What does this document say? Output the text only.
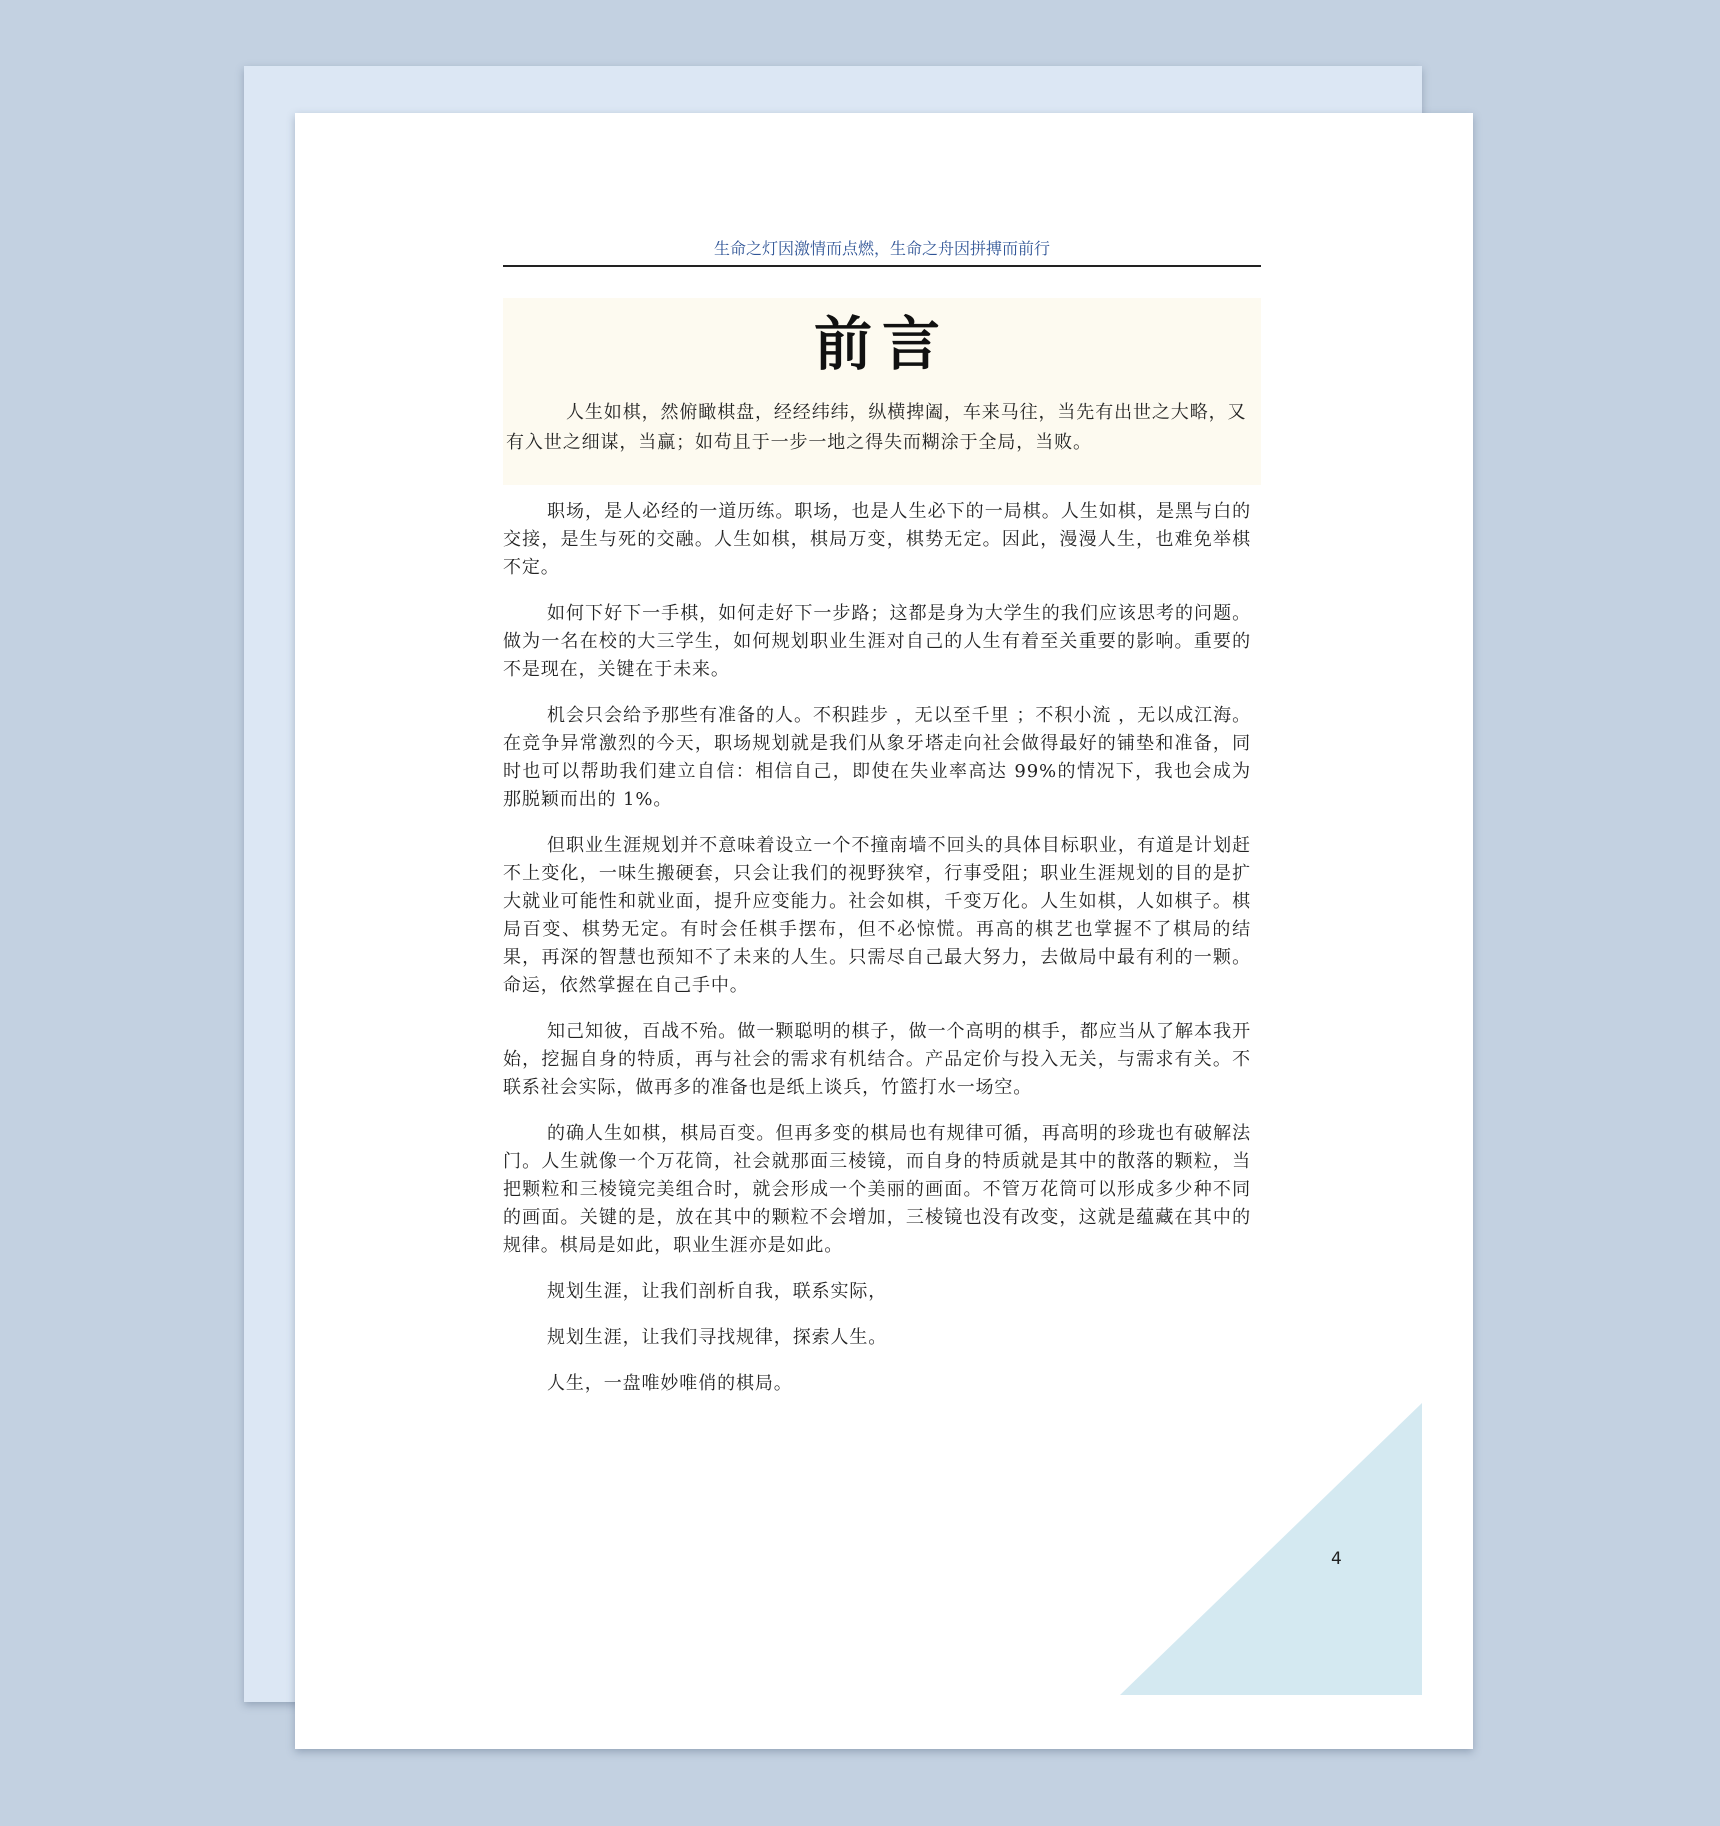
生命之灯因激情而点燃，生命之舟因拼搏而前行
前言

人生如棋，然俯瞰棋盘，经经纬纬，纵横捭阖，车来马往，当先有出世之大略，又有入世之细谋，当赢；如苟且于一步一地之得失而糊涂于全局，当败。

职场，是人必经的一道历练。职场，也是人生必下的一局棋。人生如棋，是黑与白的交接，是生与死的交融。人生如棋，棋局万变，棋势无定。因此，漫漫人生，也难免举棋不定。

如何下好下一手棋，如何走好下一步路；这都是身为大学生的我们应该思考的问题。做为一名在校的大三学生，如何规划职业生涯对自己的人生有着至关重要的影响。重要的不是现在，关键在于未来。

机会只会给予那些有准备的人。不积跬步 ，无以至千里 ；不积小流 ，无以成江海。在竞争异常激烈的今天，职场规划就是我们从象牙塔走向社会做得最好的铺垫和准备，同时也可以帮助我们建立自信：相信自己，即使在失业率高达 99%的情况下，我也会成为那脱颖而出的 1%。

但职业生涯规划并不意味着设立一个不撞南墙不回头的具体目标职业，有道是计划赶不上变化，一味生搬硬套，只会让我们的视野狭窄，行事受阻；职业生涯规划的目的是扩大就业可能性和就业面，提升应变能力。社会如棋，千变万化。人生如棋，人如棋子。棋局百变、棋势无定。有时会任棋手摆布，但不必惊慌。再高的棋艺也掌握不了棋局的结果，再深的智慧也预知不了未来的人生。只需尽自己最大努力，去做局中最有利的一颗。命运，依然掌握在自己手中。

知己知彼，百战不殆。做一颗聪明的棋子，做一个高明的棋手，都应当从了解本我开始，挖掘自身的特质，再与社会的需求有机结合。产品定价与投入无关，与需求有关。不联系社会实际，做再多的准备也是纸上谈兵，竹篮打水一场空。

的确人生如棋，棋局百变。但再多变的棋局也有规律可循，再高明的珍珑也有破解法门。人生就像一个万花筒，社会就那面三棱镜，而自身的特质就是其中的散落的颗粒，当把颗粒和三棱镜完美组合时，就会形成一个美丽的画面。不管万花筒可以形成多少种不同的画面。关键的是，放在其中的颗粒不会增加，三棱镜也没有改变，这就是蕴藏在其中的规律。棋局是如此，职业生涯亦是如此。

规划生涯，让我们剖析自我，联系实际，

规划生涯，让我们寻找规律，探索人生。

人生，一盘唯妙唯俏的棋局。

4
